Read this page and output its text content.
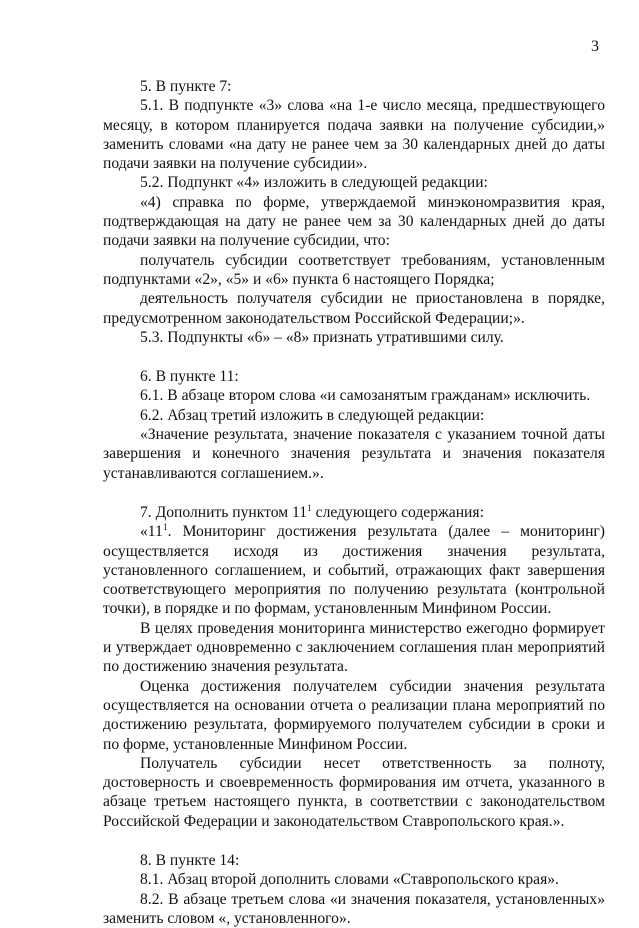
3

5. В пункте 7:

5.1. В подпункте «3» слова «на 1-е число месяца, предшествующего месяцу, в котором планируется подача заявки на получение субсидии,» заменить словами «на дату не ранее чем за 30 календарных дней до даты подачи заявки на получение субсидии».

5.2. Подпункт «4» изложить в следующей редакции:

«4) справка по форме, утверждаемой минэкономразвития края, подтверждающая на дату не ранее чем за 30 календарных дней до даты подачи заявки на получение субсидии, что:

получатель субсидии соответствует требованиям, установленным подпунктами «2», «5» и «6» пункта 6 настоящего Порядка;

деятельность получателя субсидии не приостановлена в порядке, предусмотренном законодательством Российской Федерации;».

5.3. Подпункты «6» – «8» признать утратившими силу.

6. В пункте 11:

6.1. В абзаце втором слова «и самозанятым гражданам» исключить.

6.2. Абзац третий изложить в следующей редакции:

«Значение результата, значение показателя с указанием точной даты завершения и конечного значения результата и значения показателя устанавливаются соглашением.».

7. Дополнить пунктом $11^1$ следующего содержания:

«$11^1$. Мониторинг достижения результата (далее – мониторинг) осуществляется исходя из достижения значения результата, установленного соглашением, и событий, отражающих факт завершения соответствующего мероприятия по получению результата (контрольной точки), в порядке и по формам, установленным Минфином России.

В целях проведения мониторинга министерство ежегодно формирует и утверждает одновременно с заключением соглашения план мероприятий по достижению значения результата.

Оценка достижения получателем субсидии значения результата осуществляется на основании отчета о реализации плана мероприятий по достижению результата, формируемого получателем субсидии в сроки и по форме, установленные Минфином России.

Получатель субсидии несет ответственность за полноту, достоверность и своевременность формирования им отчета, указанного в абзаце третьем настоящего пункта, в соответствии с законодательством Российской Федерации и законодательством Ставропольского края.».

8. В пункте 14:

8.1. Абзац второй дополнить словами «Ставропольского края».

8.2. В абзаце третьем слова «и значения показателя, установленных» заменить словом «, установленного».
